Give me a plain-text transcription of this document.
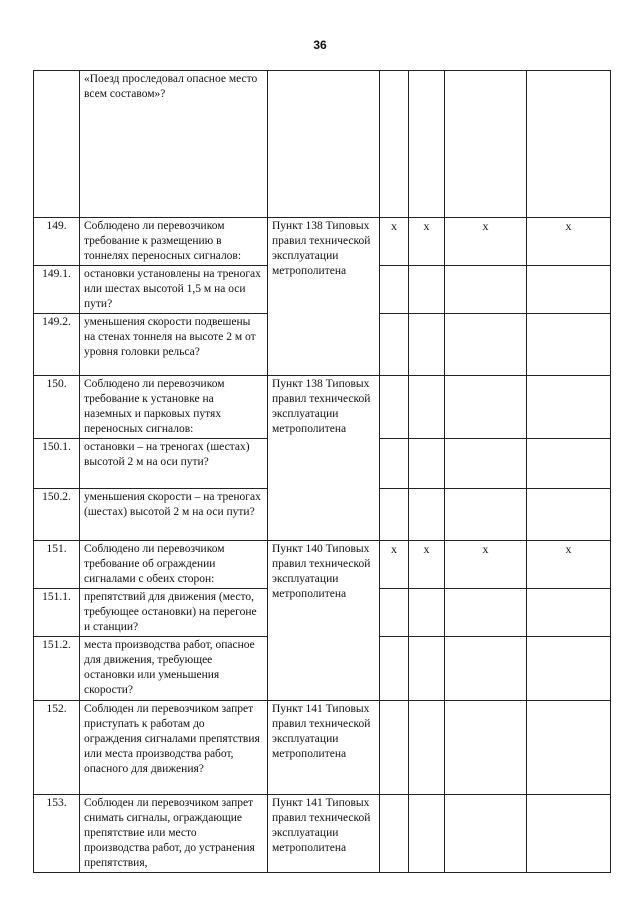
36
	«Поезд проследовал опасное место всем составом»?					
149.	Соблюдено ли перевозчиком требование к размещению в тоннелях переносных сигналов:	Пункт 138 Типовых правил технической эксплуатации метрополитена	x	x	x	x
149.1.	остановки установлены на треногах или шестах высотой 1,5 м на оси пути?					
149.2.	уменьшения скорости подвешены на стенах тоннеля на высоте 2 м от уровня головки рельса?					
150.	Соблюдено ли перевозчиком требование к установке на наземных и парковых путях переносных сигналов:	Пункт 138 Типовых правил технической эксплуатации метрополитена				
150.1.	остановки – на треногах (шестах) высотой 2 м на оси пути?					
150.2.	уменьшения скорости – на треногах (шестах) высотой 2 м на оси пути?					
151.	Соблюдено ли перевозчиком требование об ограждении сигналами с обеих сторон:	Пункт 140 Типовых правил технической эксплуатации метрополитена	x	x	x	x
151.1.	препятствий для движения (место, требующее остановки) на перегоне и станции?					
151.2.	места производства работ, опасное для движения, требующее остановки или уменьшения скорости?					
152.	Соблюден ли перевозчиком запрет приступать к работам до ограждения сигналами препятствия или места производства работ, опасного для движения?	Пункт 141 Типовых правил технической эксплуатации метрополитена				
153.	Соблюден ли перевозчиком запрет снимать сигналы, ограждающие препятствие или место производства работ, до устранения препятствия,	Пункт 141 Типовых правил технической эксплуатации метрополитена				
